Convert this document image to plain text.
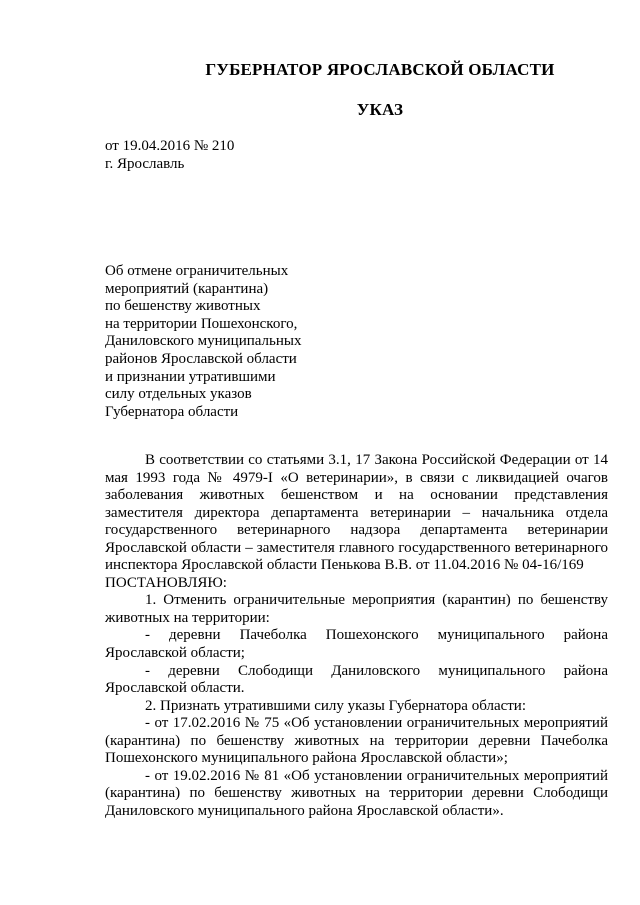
ГУБЕРНАТОР ЯРОСЛАВСКОЙ ОБЛАСТИ
УКАЗ
от 19.04.2016 № 210
г. Ярославль
Об отмене ограничительных
мероприятий (карантина)
по бешенству животных
на территории Пошехонского,
Даниловского муниципальных
районов Ярославской области
и признании утратившими
силу отдельных указов
Губернатора области
В соответствии со статьями 3.1, 17 Закона Российской Федерации от 14 мая 1993 года № 4979-I «О ветеринарии», в связи с ликвидацией очагов заболевания животных бешенством и на основании представления заместителя директора департамента ветеринарии – начальника отдела государственного ветеринарного надзора департамента ветеринарии Ярославской области – заместителя главного государственного ветеринарного инспектора Ярославской области Пенькова В.В. от 11.04.2016 № 04-16/169
ПОСТАНОВЛЯЮ:
1. Отменить ограничительные мероприятия (карантин) по бешенству животных на территории:
- деревни Пачеболка Пошехонского муниципального района Ярославской области;
- деревни Слободищи Даниловского муниципального района Ярославской области.
2. Признать утратившими силу указы Губернатора области:
- от 17.02.2016 № 75 «Об установлении ограничительных мероприятий (карантина) по бешенству животных на территории деревни Пачеболка Пошехонского муниципального района Ярославской области»;
- от 19.02.2016 № 81 «Об установлении ограничительных мероприятий (карантина) по бешенству животных на территории деревни Слободищи Даниловского муниципального района Ярославской области».
